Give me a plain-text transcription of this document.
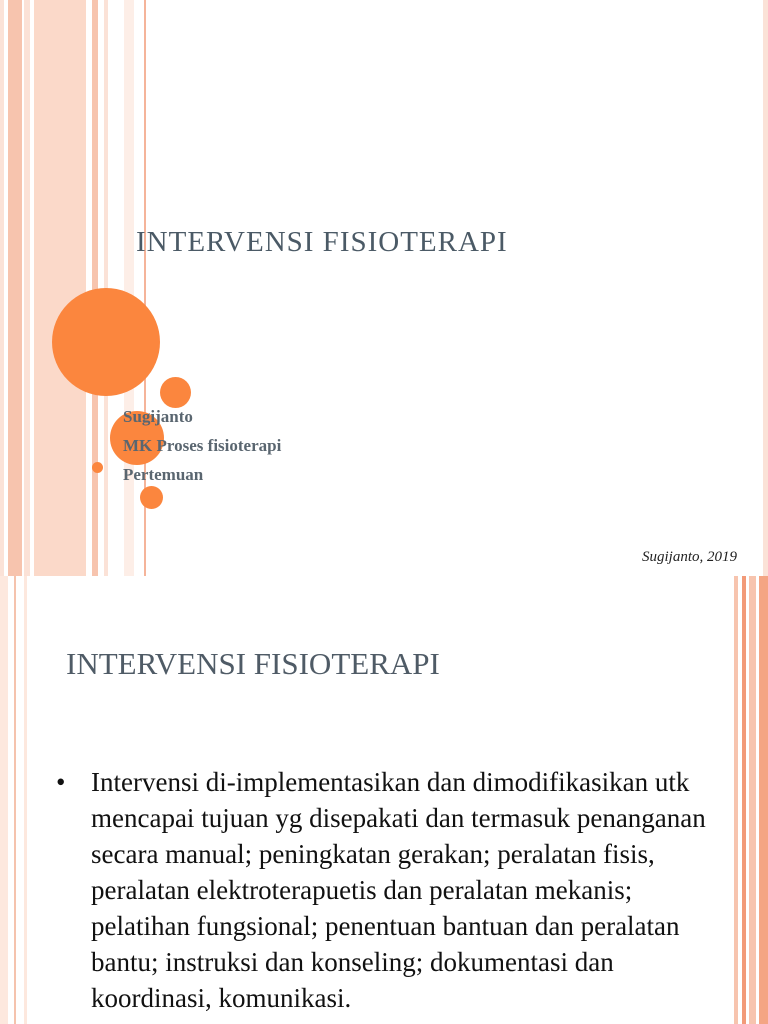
INTERVENSI FISIOTERAPI
Sugijanto
MK Proses fisioterapi
Pertemuan
Sugijanto, 2019
INTERVENSI FISIOTERAPI
• Intervensi di-implementasikan dan dimodifikasikan utk mencapai tujuan yg disepakati dan termasuk penanganan secara manual; peningkatan gerakan; peralatan fisis, peralatan elektroterapuetis dan peralatan mekanis; pelatihan fungsional; penentuan bantuan dan peralatan bantu; instruksi dan konseling; dokumentasi dan koordinasi, komunikasi.
